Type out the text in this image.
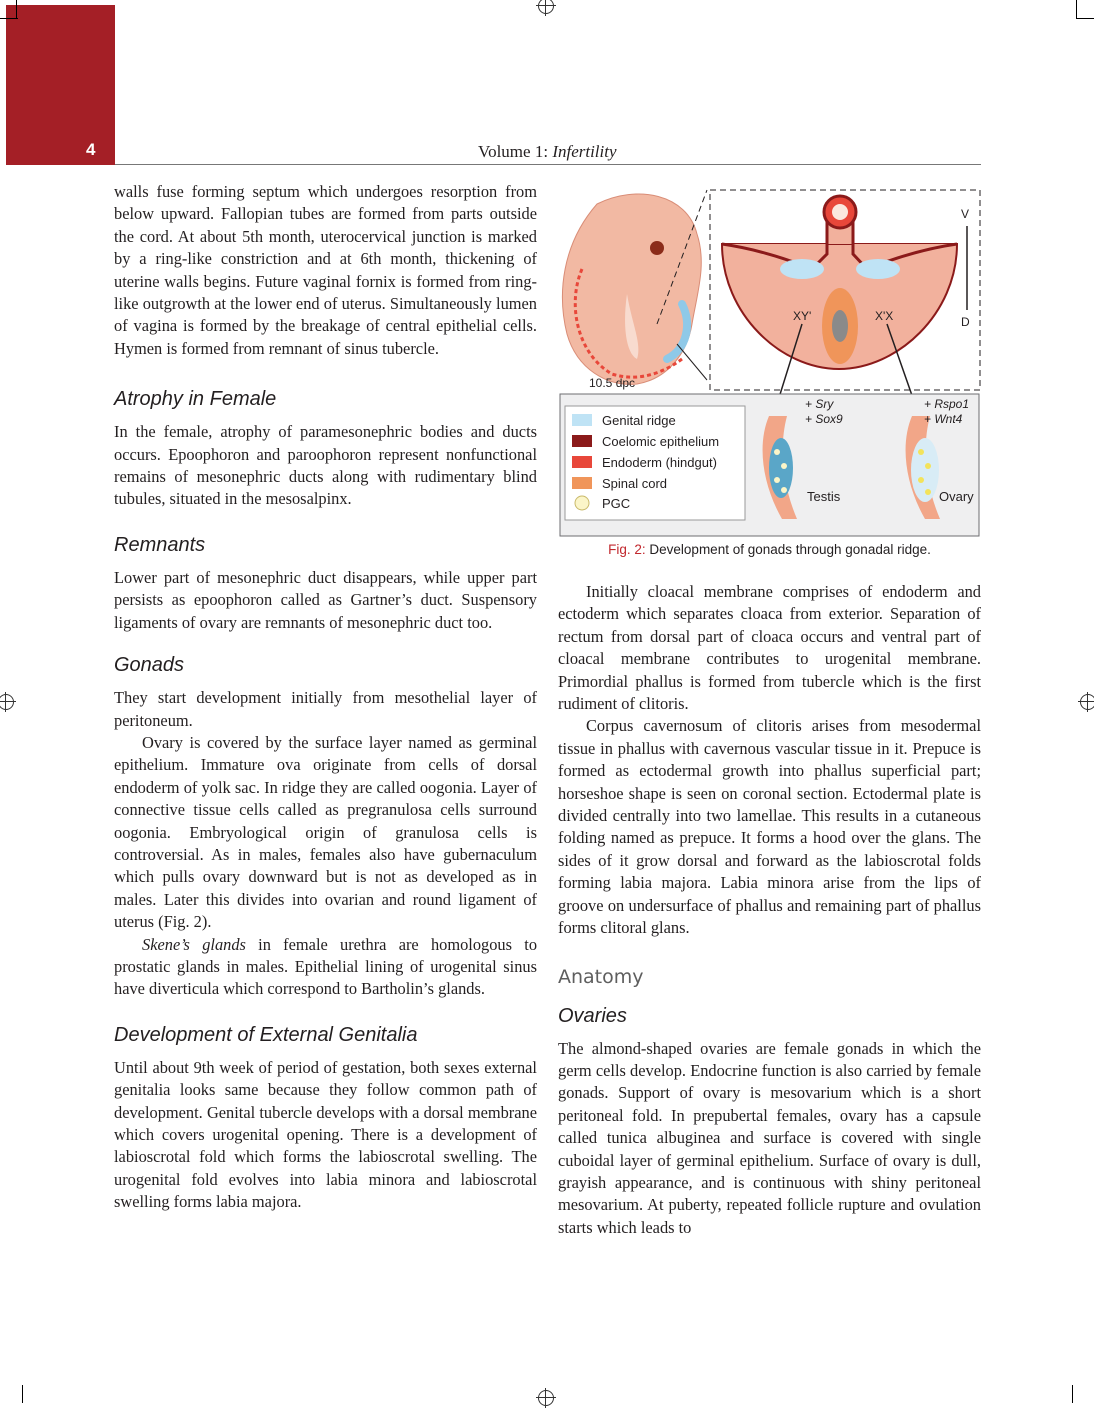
4	Volume 1: Infertility

walls fuse forming septum which undergoes resorption from below upward. Fallopian tubes are formed from parts outside the cord. At about 5th month, uterocervical junction is marked by a ring-like constriction and at 6th month, thickening of uterine walls begins. Future vaginal fornix is formed from ring-like outgrowth at the lower end of uterus. Simultaneously lumen of vagina is formed by the breakage of central epithelial cells. Hymen is formed from remnant of sinus tubercle.

Atrophy in Female

In the female, atrophy of paramesonephric bodies and ducts occurs. Epoophoron and paroophoron represent nonfunctional remains of mesonephric ducts along with rudimentary blind tubules, situated in the mesosalpinx.

Remnants

Lower part of mesonephric duct disappears, while upper part persists as epoophoron called as Gartner’s duct. Suspensory ligaments of ovary are remnants of mesonephric duct too.

Gonads

They start development initially from mesothelial layer of peritoneum.

Ovary is covered by the surface layer named as germinal epithelium. Immature ova originate from cells of dorsal endoderm of yolk sac. In ridge they are called oogonia. Layer of connective tissue cells called as pregranulosa cells surround oogonia. Embryological origin of granulosa cells is controversial. As in males, females also have gubernaculum which pulls ovary downward but is not as developed as in males. Later this divides into ovarian and round ligament of uterus (Fig. 2).

Skene’s glands in female urethra are homologous to prostatic glands in males. Epithelial lining of urogenital sinus have diverticula which correspond to Bartholin’s glands.

Development of External Genitalia

Until about 9th week of period of gestation, both sexes external genitalia looks same because they follow common path of development. Genital tubercle develops with a dorsal membrane which covers urogenital opening. There is a development of labioscrotal fold which forms the labioscrotal swelling. The urogenital fold evolves into labia minora and labioscrotal swelling forms labia majora.

10.5 dpc
V
D
XY'	X'X
Genital ridge
Coelomic epithelium
Endoderm (hindgut)
Spinal cord
PGC
+ Sry
+ Sox9
+ Rspo1
+ Wnt4
Testis	Ovary
Fig. 2: Development of gonads through gonadal ridge.

Initially cloacal membrane comprises of endoderm and ectoderm which separates cloaca from exterior. Separation of rectum from dorsal part of cloaca occurs and ventral part of cloacal membrane contributes to urogenital membrane. Primordial phallus is formed from tubercle which is the first rudiment of clitoris.

Corpus cavernosum of clitoris arises from mesodermal tissue in phallus with cavernous vascular tissue in it. Prepuce is formed as ectodermal growth into phallus superficial part; horseshoe shape is seen on coronal section. Ectodermal plate is divided centrally into two lamellae. This results in a cutaneous folding named as prepuce. It forms a hood over the glans. The sides of it grow dorsal and forward as the labioscrotal folds forming labia majora. Labia minora arise from the lips of groove on undersurface of phallus and remaining part of phallus forms clitoral glans.

Anatomy
Ovaries

The almond-shaped ovaries are female gonads in which the germ cells develop. Endocrine function is also carried by female gonads. Support of ovary is mesovarium which is a short peritoneal fold. In prepubertal females, ovary has a capsule called tunica albuginea and surface is covered with single cuboidal layer of germinal epithelium. Surface of ovary is dull, grayish appearance, and is continuous with shiny peritoneal mesovarium. At puberty, repeated follicle rupture and ovulation starts which leads to
